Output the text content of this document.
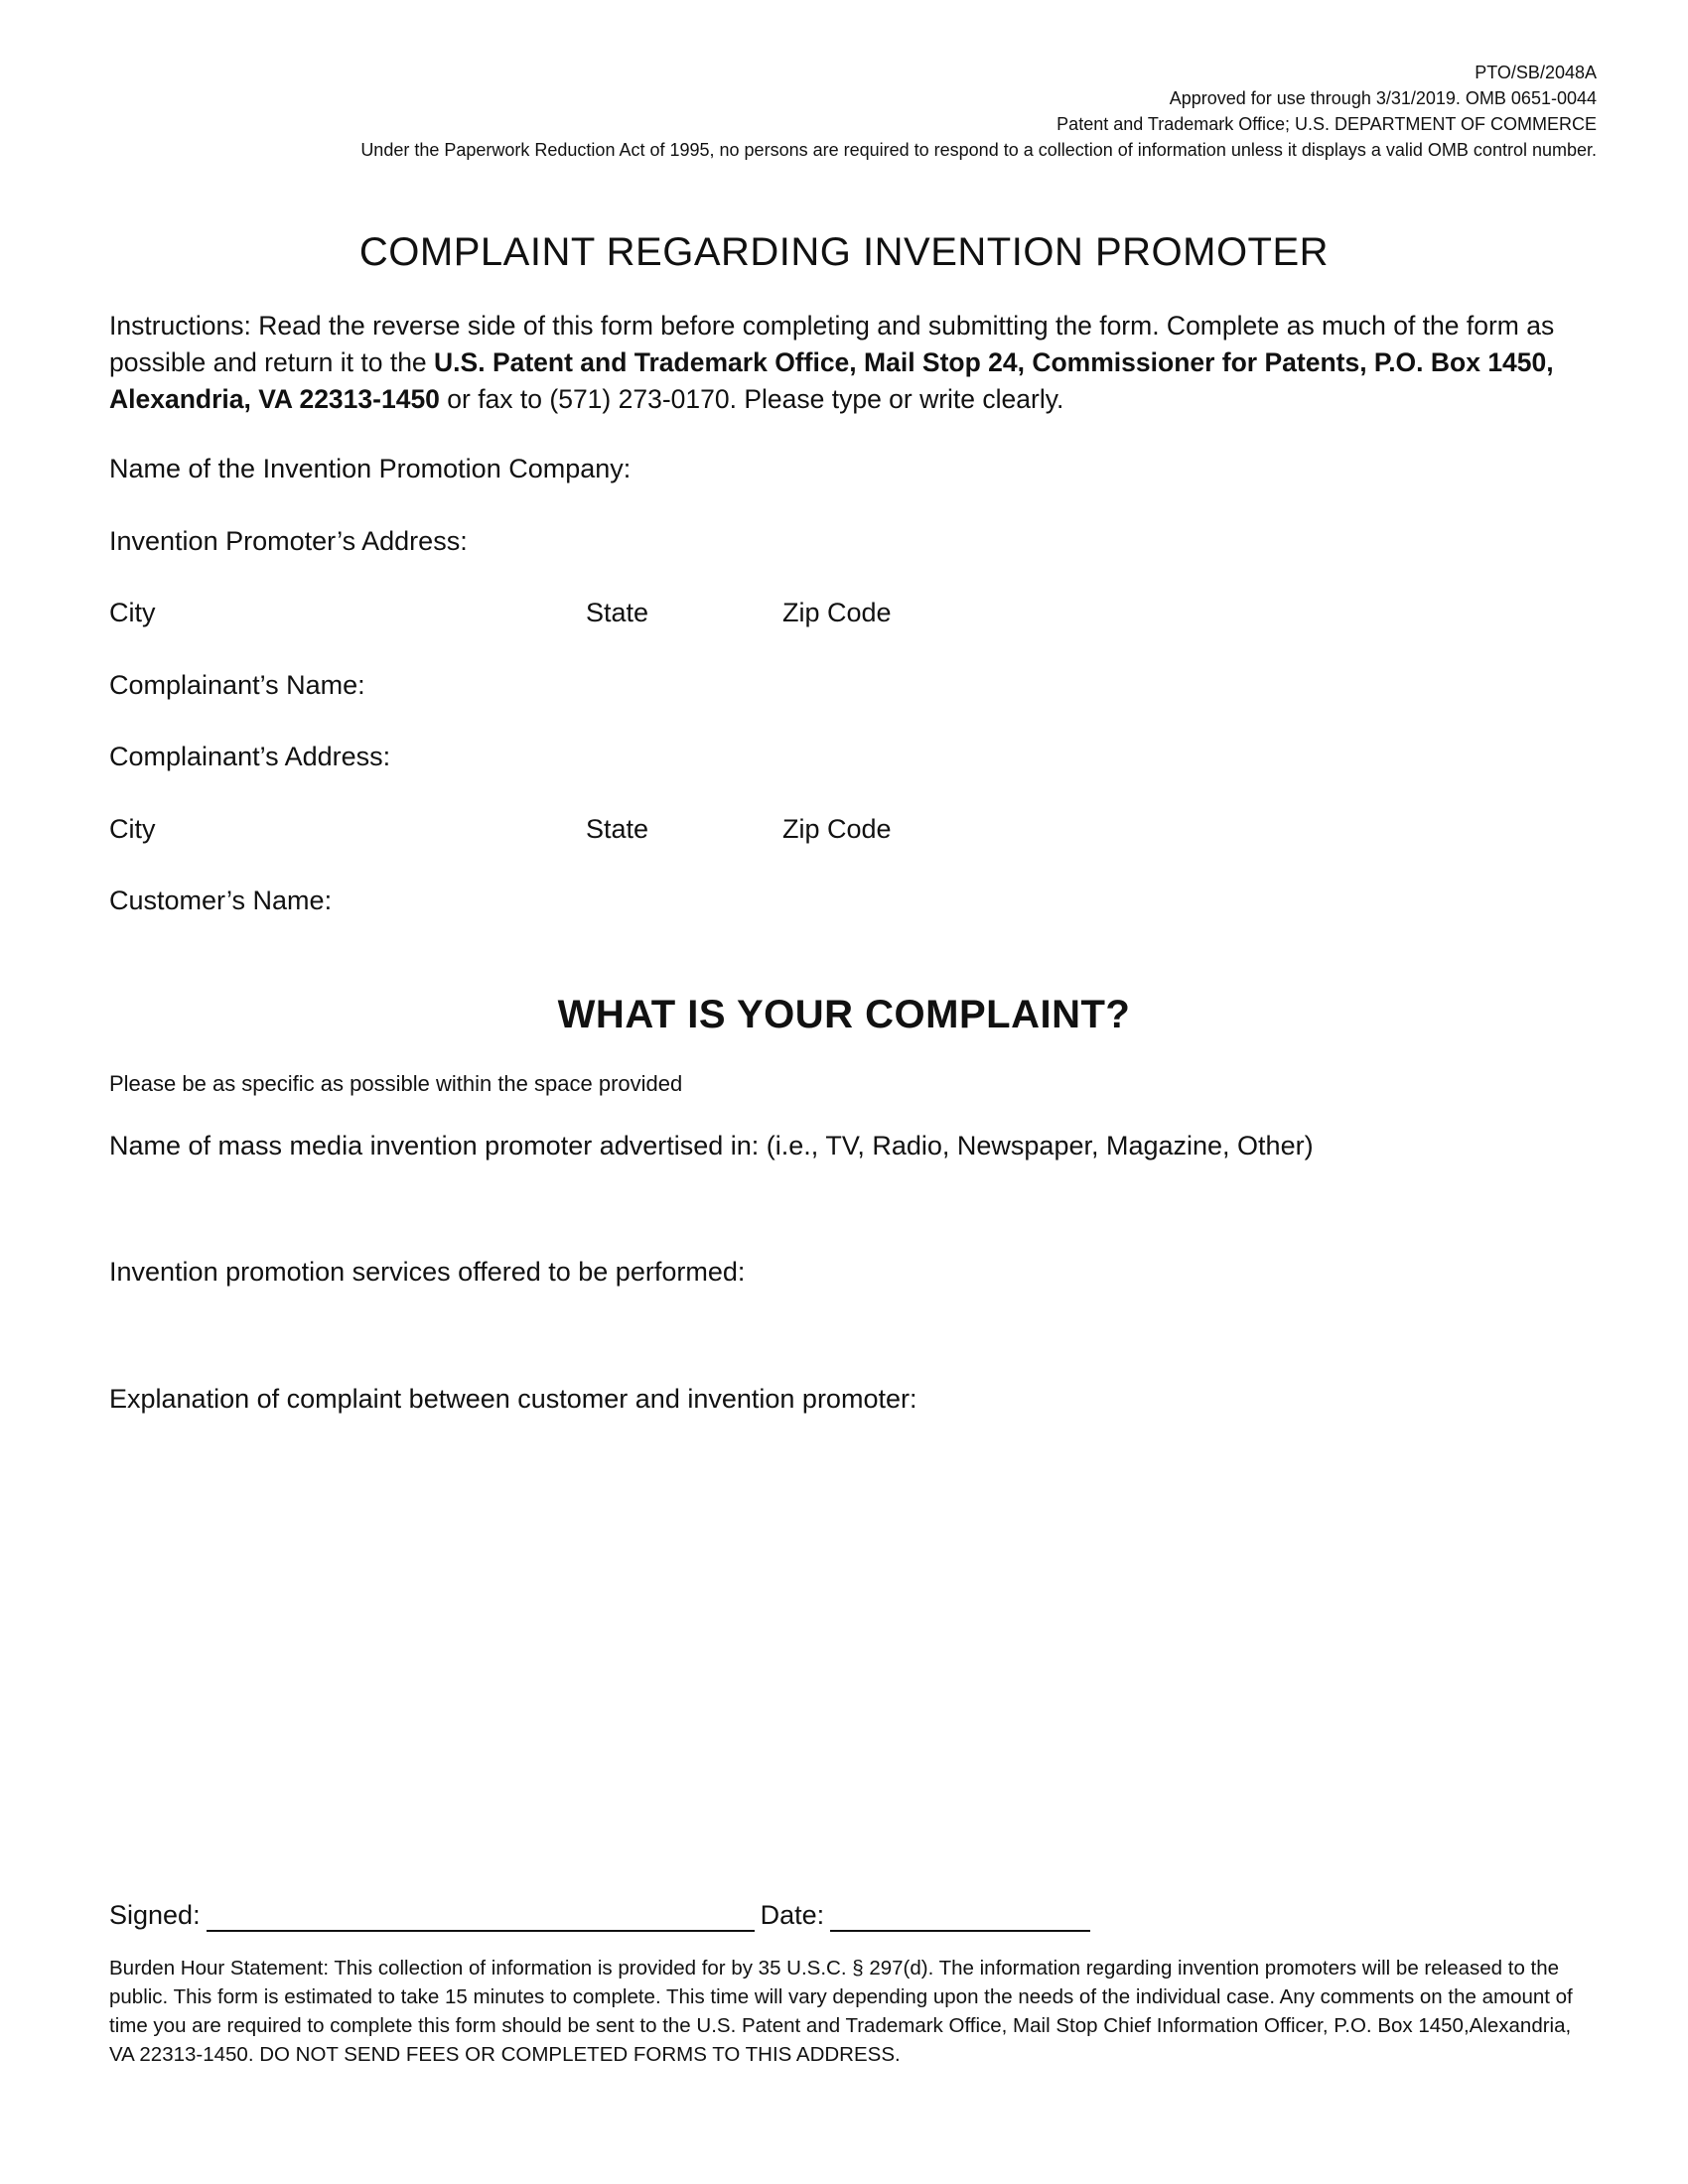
PTO/SB/2048A
Approved for use through 3/31/2019. OMB 0651-0044
Patent and Trademark Office; U.S. DEPARTMENT OF COMMERCE
Under the Paperwork Reduction Act of 1995, no persons are required to respond to a collection of information unless it displays a valid OMB control number.
COMPLAINT REGARDING INVENTION PROMOTER
Instructions: Read the reverse side of this form before completing and submitting the form. Complete as much of the form as possible and return it to the U.S. Patent and Trademark Office, Mail Stop 24, Commissioner for Patents, P.O. Box 1450, Alexandria, VA 22313-1450 or fax to (571) 273-0170. Please type or write clearly.
Name of the Invention Promotion Company:
Invention Promoter’s Address:
City	State	Zip Code
Complainant’s Name:
Complainant’s Address:
City	State	Zip Code
Customer’s Name:
WHAT IS YOUR COMPLAINT?
Please be as specific as possible within the space provided
Name of mass media invention promoter advertised in: (i.e., TV, Radio, Newspaper, Magazine, Other)
Invention promotion services offered to be performed:
Explanation of complaint between customer and invention promoter:
Signed:	Date:
Burden Hour Statement: This collection of information is provided for by 35 U.S.C. § 297(d). The information regarding invention promoters will be released to the public. This form is estimated to take 15 minutes to complete. This time will vary depending upon the needs of the individual case. Any comments on the amount of time you are required to complete this form should be sent to the U.S. Patent and Trademark Office, Mail Stop Chief Information Officer, P.O. Box 1450,Alexandria, VA 22313-1450. DO NOT SEND FEES OR COMPLETED FORMS TO THIS ADDRESS.
